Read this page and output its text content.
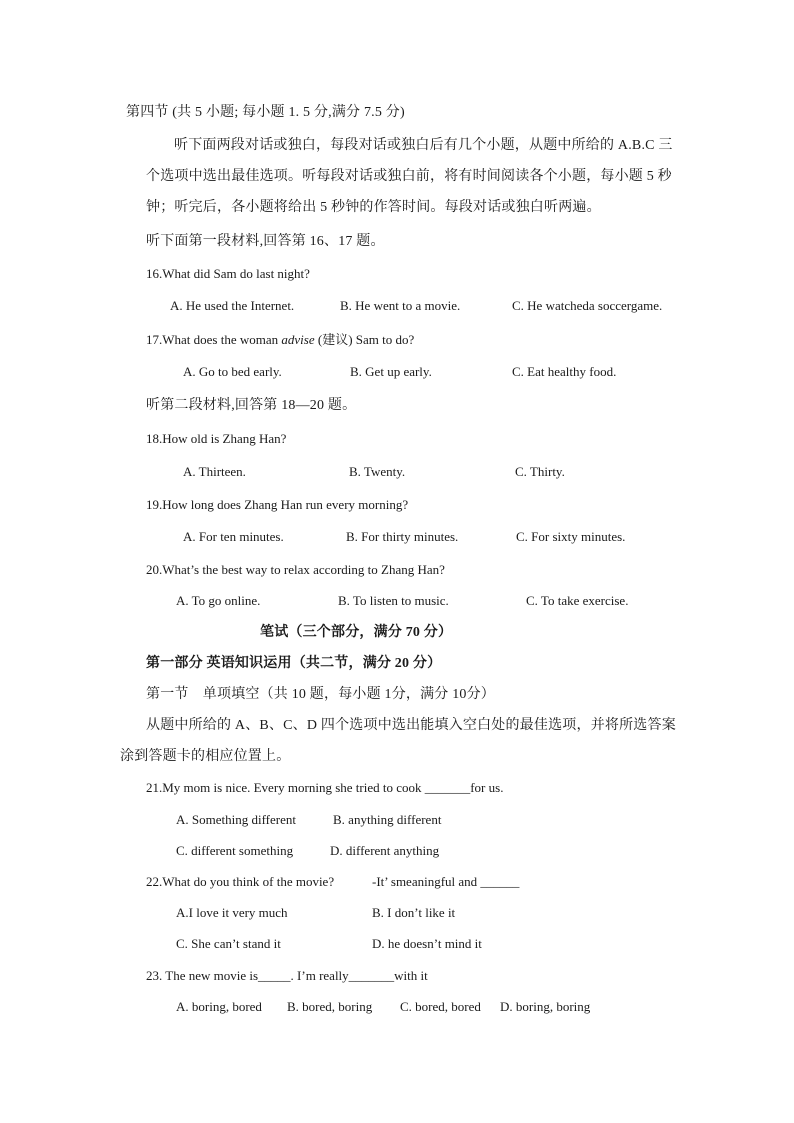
第四节 (共 5 小题; 每小题 1. 5 分,满分 7.5 分)
听下面两段对话或独白，每段对话或独白后有几个小题，从题中所给的 A.B.C 三
个选项中选出最佳选项。听每段对话或独白前，将有时间阅读各个小题，每小题 5 秒
钟；听完后，各小题将给出 5 秒钟的作答时间。每段对话或独白听两遍。
听下面第一段材料,回答第 16、17 题。
16.What did Sam do last night?
A. He used the Internet.	B. He went to a movie.	C. He watcheda soccergame.
17.What does the woman advise (建议) Sam to do?
A. Go to bed early.	B. Get up early.	C. Eat healthy food.
听第二段材料,回答第 18—20 题。
18.How old is Zhang Han?
A. Thirteen.	B. Twenty.	C. Thirty.
19.How long does Zhang Han run every morning?
A. For ten minutes.	B. For thirty minutes.	C. For sixty minutes.
20.What’s the best way to relax according to Zhang Han?
A. To go online.	B. To listen to music.	C. To take exercise.
笔试（三个部分，满分 70 分）
第一部分 英语知识运用（共二节，满分 20 分）
第一节　单项填空（共 10 题，每小题 1分，满分 10分）
从题中所给的 A、B、C、D 四个选项中选出能填入空白处的最佳选项，并将所选答案
涂到答题卡的相应位置上。
21.My mom is nice. Every morning she tried to cook _______for us.
A. Something different	B. anything different
C. different something	D. different anything
22.What do you think of the movie?	-It’ smeaningful and ______
A.I love it very much	B. I don’t like it
C. She can’t stand it	D. he doesn’t mind it
23. The new movie is_____. I’m really_______with it
A. boring, bored B. bored, boring C. bored, bored D. boring, boring
